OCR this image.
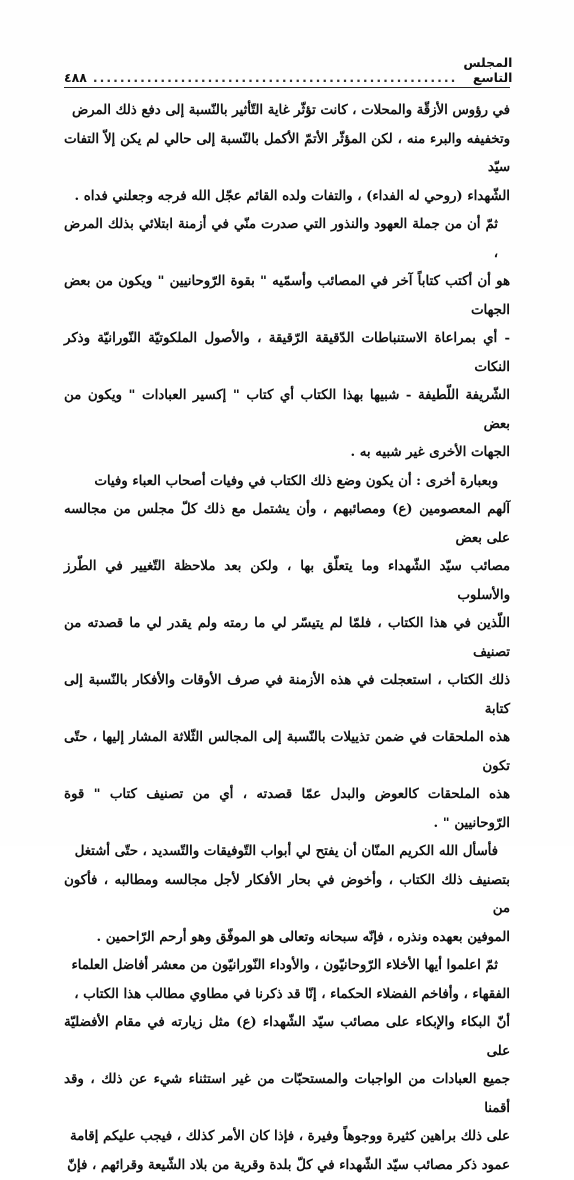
٤٨٨ ......................................................
المجلس التاسع

في رؤوس الأزقّة والمحلات ، كانت تؤثّر غاية التّأثير بالنّسبة إلى دفع ذلك المرض
وتخفيفه والبرء منه ، لكن المؤثّر الأتمّ الأكمل بالنّسبة إلى حالي لم يكن إلاّ التفات سيّد
الشّهداء (روحي له الفداء) ، والتفات ولده القائم عجّل الله فرجه وجعلني فداه .

ثمّ أن من جملة العهود والنذور التي صدرت منّي في أزمنة ابتلائي بذلك المرض ،
هو أن أكتب كتاباً آخر في المصائب وأسمّيه " بقوة الرّوحانيين " ويكون من بعض الجهات
- أي بمراعاة الاستنباطات الدّقيقة الرّقيقة ، والأصول الملكوتيّة النّورانيّة وذكر النكات
الشّريفة اللّطيفة - شبيها بهذا الكتاب أي كتاب " إكسير العبادات " ويكون من بعض
الجهات الأخرى غير شبيه به .

وبعبارة أخرى : أن يكون وضع ذلك الكتاب في وفيات أصحاب العباء وفيات
آلهم المعصومين (ع) ومصائبهم ، وأن يشتمل مع ذلك كلّ مجلس من مجالسه على بعض
مصائب سيّد الشّهداء وما يتعلّق بها ، ولكن بعد ملاحظة التّغيير في الطّرز والأسلوب
اللّذين في هذا الكتاب ، فلمّا لم يتيسّر لي ما رمته ولم يقدر لي ما قصدته من تصنيف
ذلك الكتاب ، استعجلت في هذه الأزمنة في صرف الأوقات والأفكار بالنّسبة إلى كتابة
هذه الملحقات في ضمن تذييلات بالنّسبة إلى المجالس الثّلاثة المشار إليها ، حتّى تكون
هذه الملحقات كالعوض والبدل عمّا قصدته ، أي من تصنيف كتاب " قوة الرّوحانيين " .

فأسأل الله الكريم المنّان أن يفتح لي أبواب التّوفيقات والتّسديد ، حتّى أشتغل
بتصنيف ذلك الكتاب ، وأخوض في بحار الأفكار لأجل مجالسه ومطالبه ، فأكون من
الموفين بعهده ونذره ، فإنّه سبحانه وتعالى هو الموفّق وهو أرحم الرّاحمين .

ثمّ اعلموا أيها الأخلاء الرّوحانيّون ، والأوداء النّورانيّون من معشر أفاضل العلماء
الفقهاء ، وأفاخم الفضلاء الحكماء ، إنّا قد ذكرنا في مطاوي مطالب هذا الكتاب ،
أنّ البكاء والإبكاء على مصائب سيّد الشّهداء (ع) مثل زيارته في مقام الأفضليّة على
جميع العبادات من الواجبات والمستحبّات من غير استثناء شيء عن ذلك ، وقد أقمنا
على ذلك براهين كثيرة ووجوهاً وفيرة ، فإذا كان الأمر كذلك ، فيجب عليكم إقامة
عمود ذكر مصائب سيّد الشّهداء في كلّ بلدة وقرية من بلاد الشّيعة وقرائهم ، فإنّ
